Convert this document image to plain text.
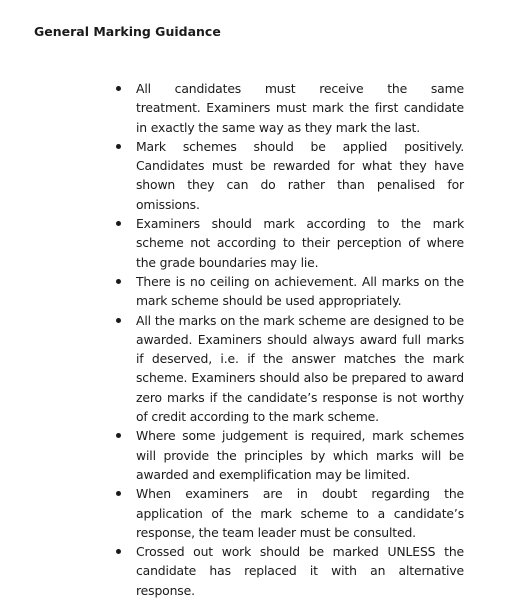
General Marking Guidance
All candidates must receive the same
treatment. Examiners must mark the first candidate in exactly the same way as they mark the last.
Mark schemes should be applied positively. Candidates must be rewarded for what they have shown they can do rather than penalised for omissions.
Examiners should mark according to the mark scheme not according to their perception of where the grade boundaries may lie.
There is no ceiling on achievement. All marks on the mark scheme should be used appropriately.
All the marks on the mark scheme are designed to be awarded. Examiners should always award full marks if deserved, i.e. if the answer matches the mark scheme. Examiners should also be prepared to award zero marks if the candidate’s response is not worthy of credit according to the mark scheme.
Where some judgement is required, mark schemes will provide the principles by which marks will be awarded and exemplification may be limited.
When examiners are in doubt regarding the application of the mark scheme to a candidate’s response, the team leader must be consulted.
Crossed out work should be marked UNLESS the candidate has replaced it with an alternative response.
